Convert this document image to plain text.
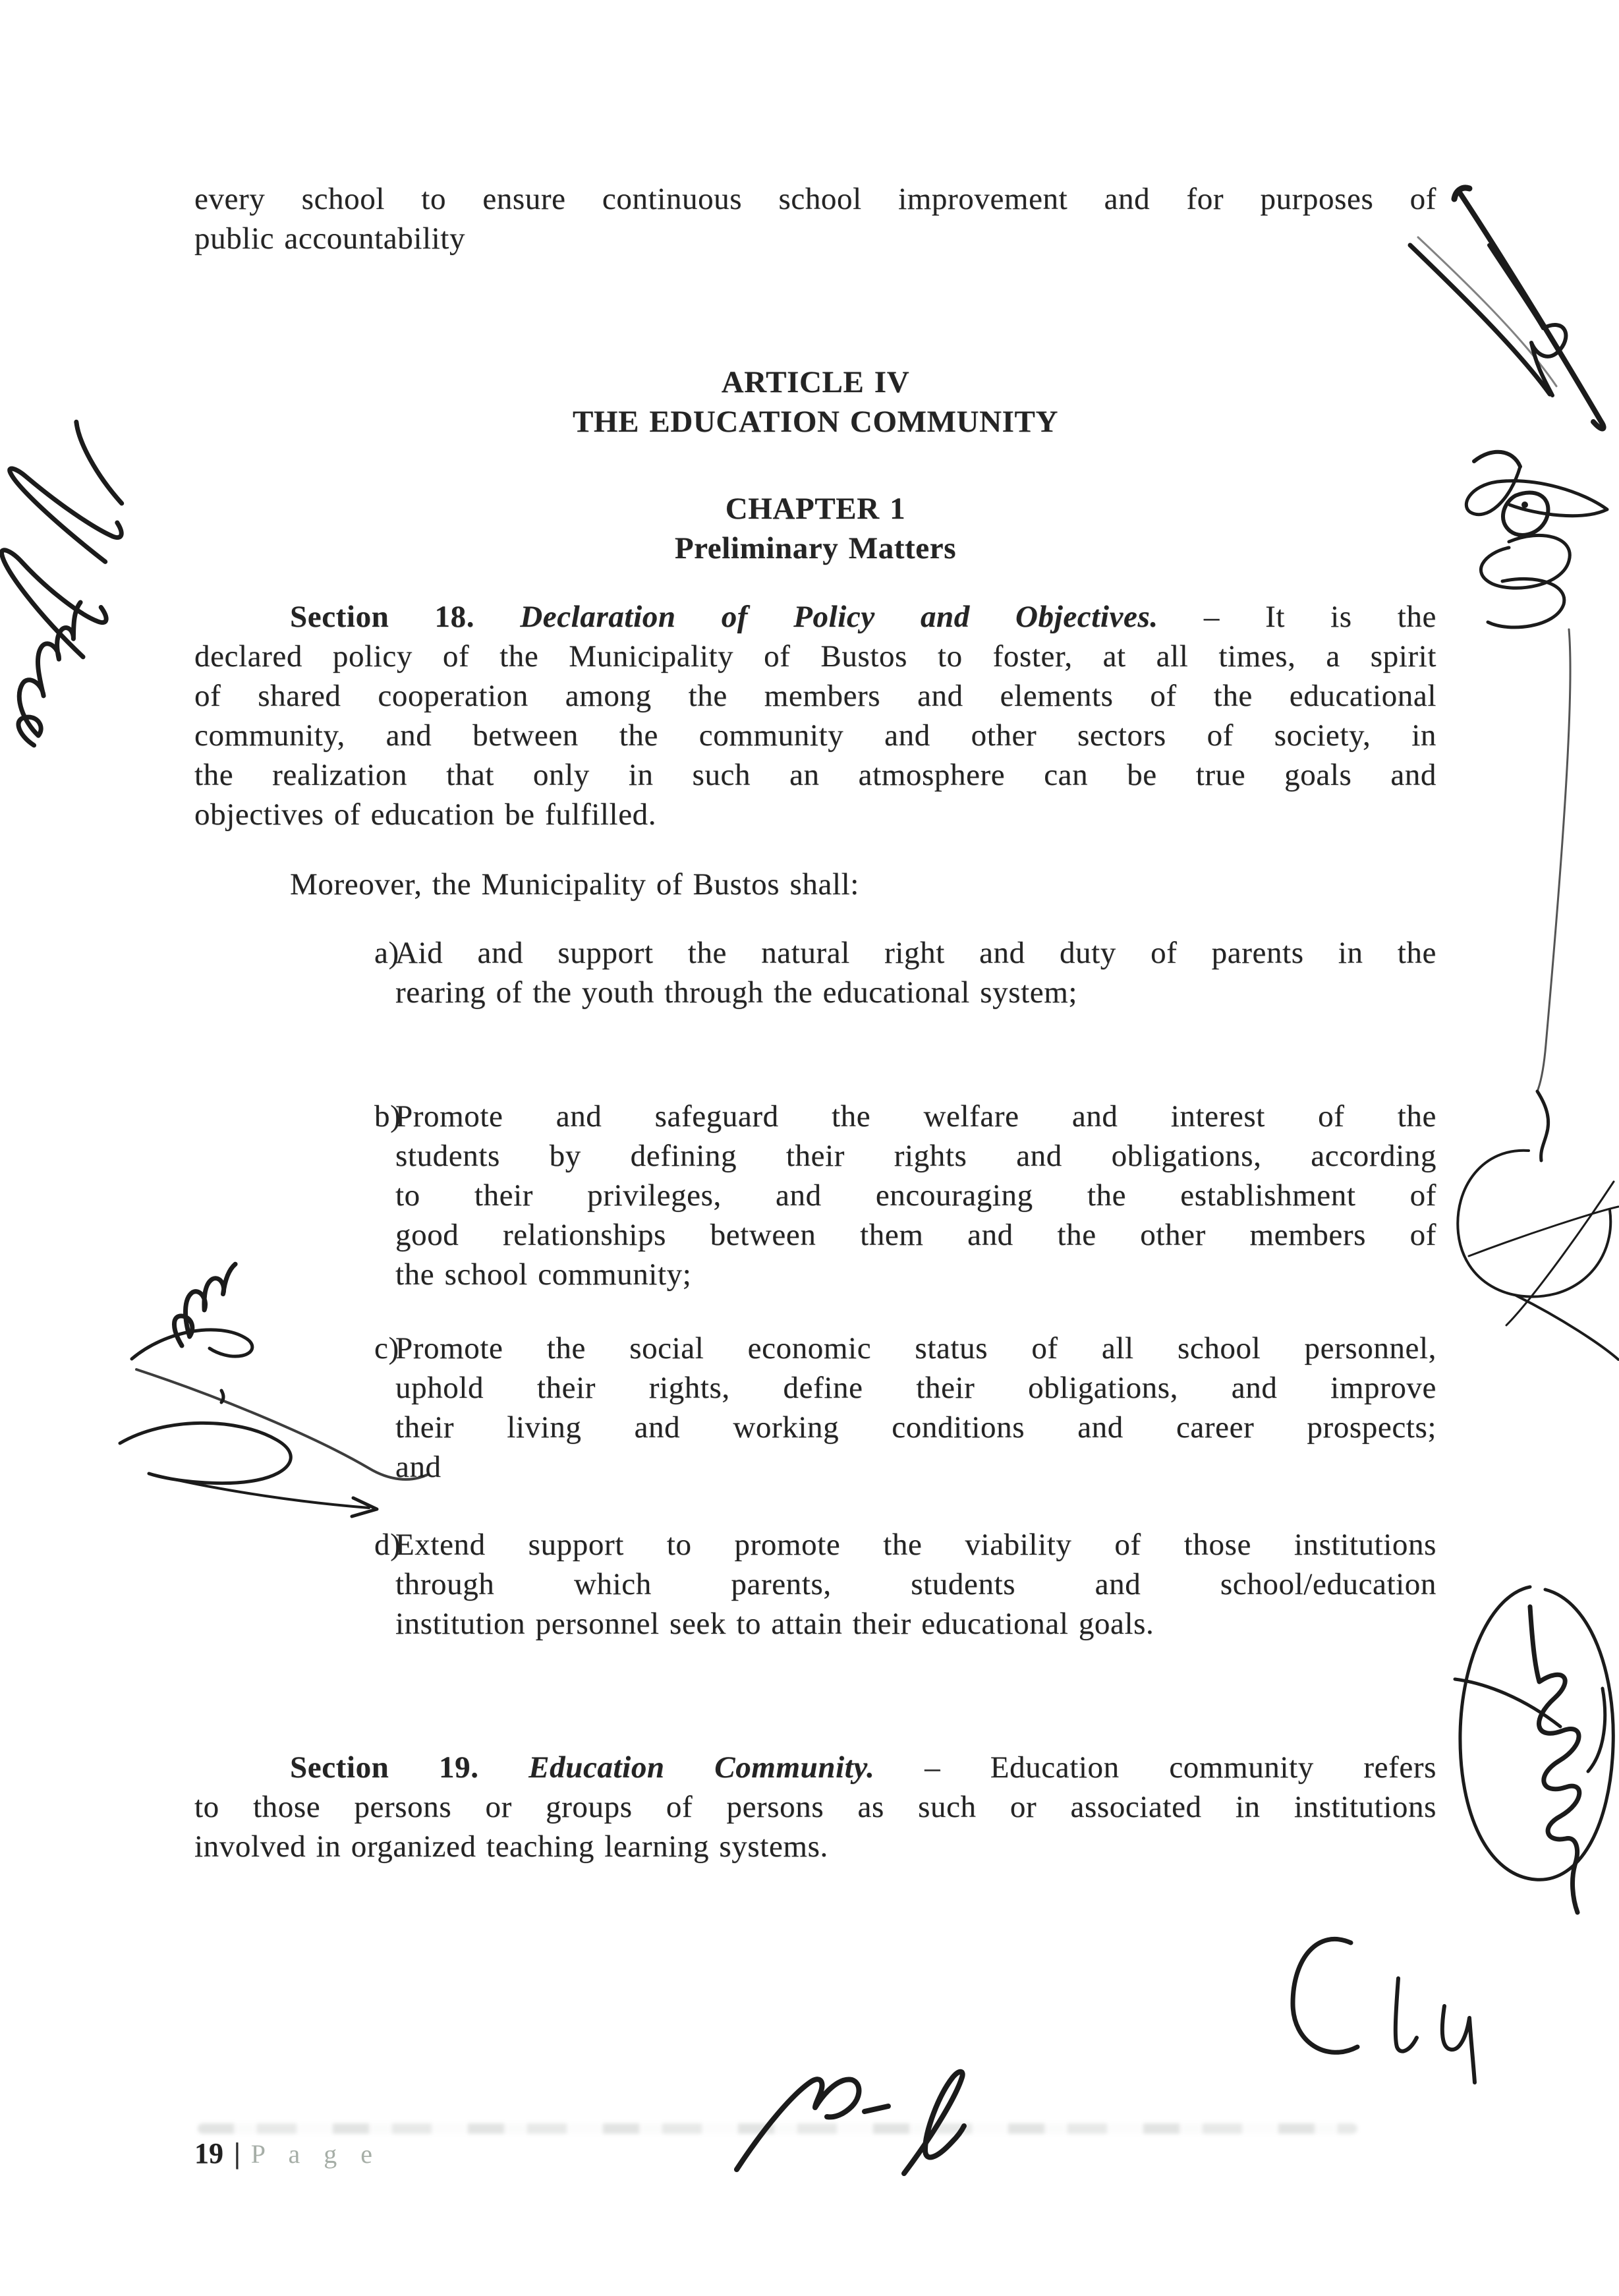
every school to ensure continuous school improvement and for purposes of
public accountability
ARTICLE IV
THE EDUCATION COMMUNITY
CHAPTER 1
Preliminary Matters
Section 18. Declaration of Policy and Objectives. – It is the
declared policy of the Municipality of Bustos to foster, at all times, a spirit
of shared cooperation among the members and elements of the educational
community, and between the community and other sectors of society, in
the realization that only in such an atmosphere can be true goals and
objectives of education be fulfilled.
Moreover, the Municipality of Bustos shall:
a)
Aid and support the natural right and duty of parents in the
rearing of the youth through the educational system;
b)
Promote and safeguard the welfare and interest of the
students by defining their rights and obligations, according
to their privileges, and encouraging the establishment of
good relationships between them and the other members of
the school community;
c)
Promote the social economic status of all school personnel,
uphold their rights, define their obligations, and improve
their living and working conditions and career prospects;
and
d)
Extend support to promote the viability of those institutions
through which parents, students and school/education
institution personnel seek to attain their educational goals.
Section 19. Education Community. – Education community refers
to those persons or groups of persons as such or associated in institutions
involved in organized teaching learning systems.
19 | P a g e
